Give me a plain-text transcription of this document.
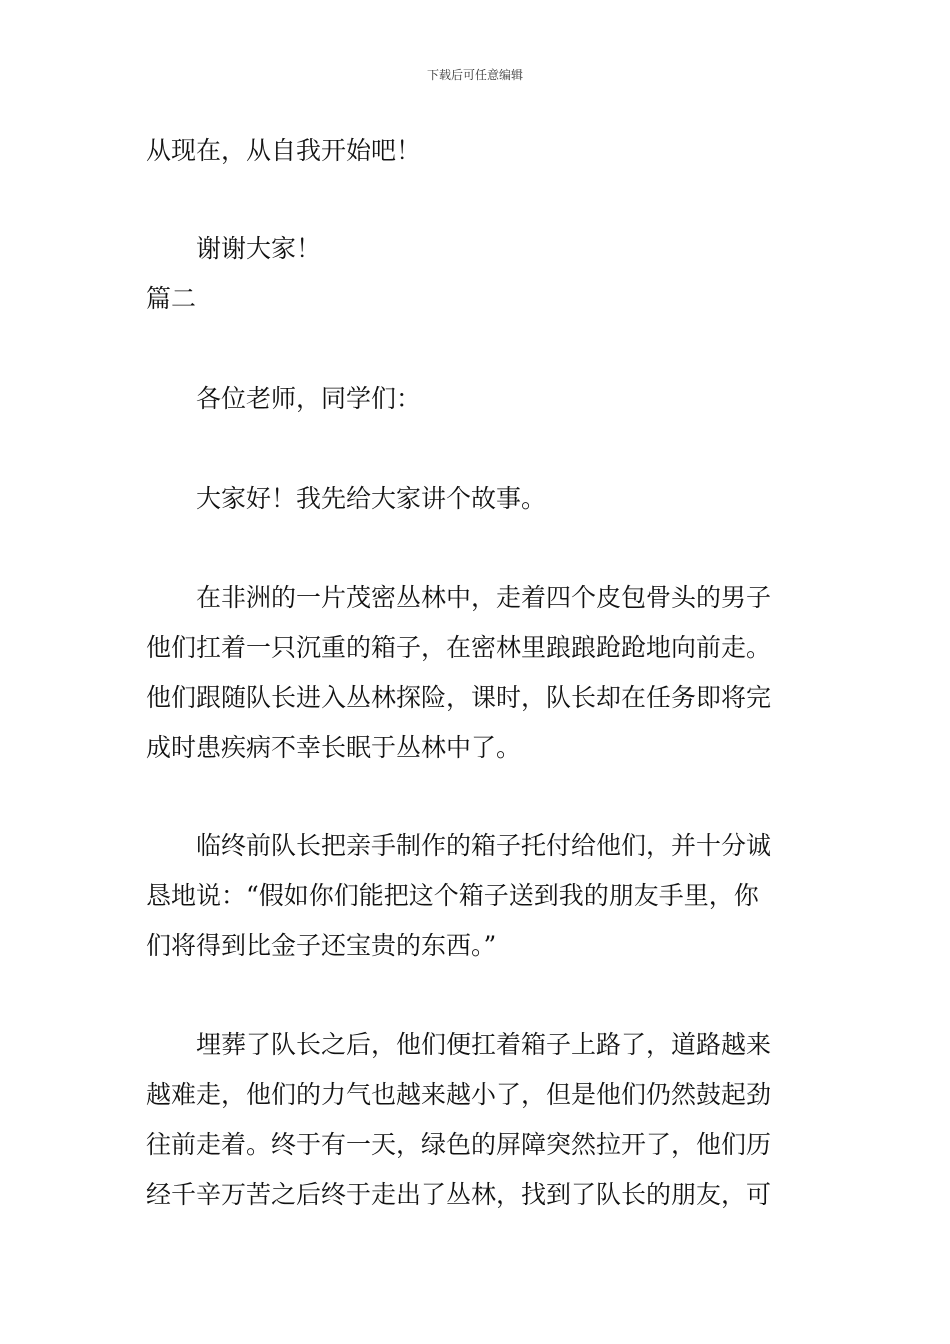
下载后可任意编辑
从现在，从自我开始吧！
谢谢大家！
篇二
各位老师，同学们：
大家好！我先给大家讲个故事。
在非洲的一片茂密丛林中，走着四个皮包骨头的男子
他们扛着一只沉重的箱子，在密林里踉踉跄跄地向前走。
他们跟随队长进入丛林探险，课时，队长却在任务即将完
成时患疾病不幸长眠于丛林中了。
临终前队长把亲手制作的箱子托付给他们，并十分诚
恳地说：“假如你们能把这个箱子送到我的朋友手里，你
们将得到比金子还宝贵的东西。”
埋葬了队长之后，他们便扛着箱子上路了，道路越来
越难走，他们的力气也越来越小了，但是他们仍然鼓起劲
往前走着。终于有一天，绿色的屏障突然拉开了，他们历
经千辛万苦之后终于走出了丛林，找到了队长的朋友，可
